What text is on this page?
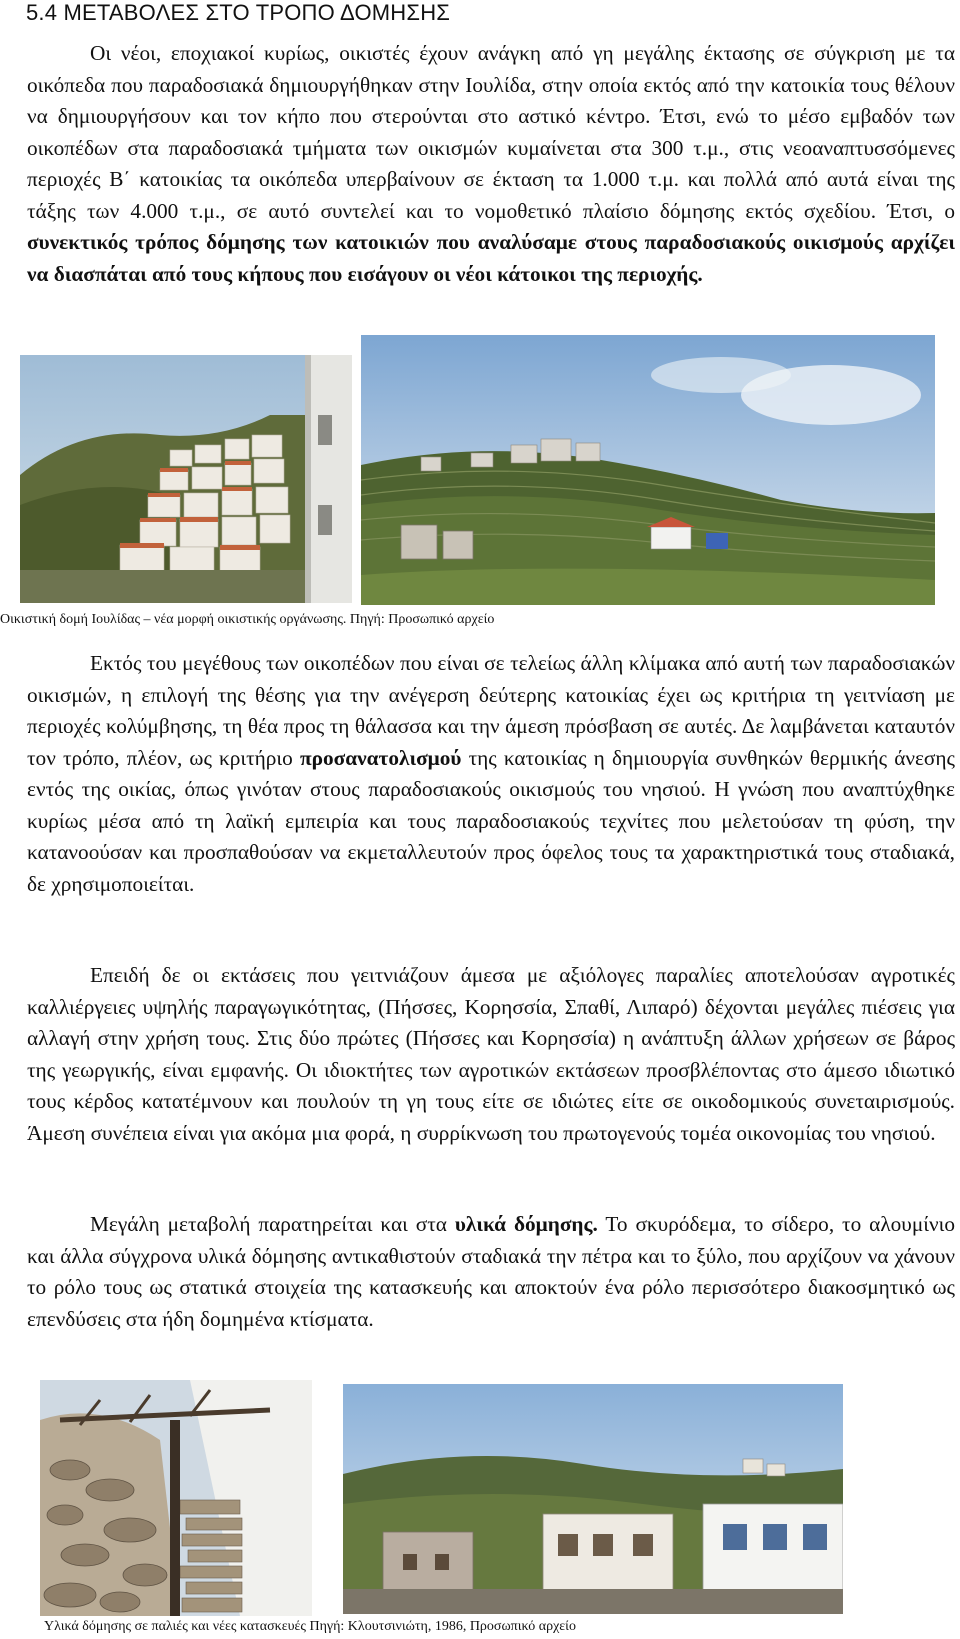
5.4 ΜΕΤΑΒΟΛΕΣ ΣΤΟ ΤΡΟΠΟ ΔΟΜΗΣΗΣ

Οι νέοι, εποχιακοί κυρίως, οικιστές έχουν ανάγκη από γη μεγάλης έκτασης σε σύγκριση με τα οικόπεδα που παραδοσιακά δημιουργήθηκαν στην Ιουλίδα, στην οποία εκτός από την κατοικία τους θέλουν να δημιουργήσουν και τον κήπο που στερούνται στο αστικό κέντρο. Έτσι, ενώ το μέσο εμβαδόν των οικοπέδων στα παραδοσιακά τμήματα των οικισμών κυμαίνεται στα 300 τ.μ., στις νεοαναπτυσσόμενες περιοχές Β΄ κατοικίας τα οικόπεδα υπερβαίνουν σε έκταση τα 1.000 τ.μ. και πολλά από αυτά είναι της τάξης των 4.000 τ.μ., σε αυτό συντελεί και το νομοθετικό πλαίσιο δόμησης εκτός σχεδίου. Έτσι, ο συνεκτικός τρόπος δόμησης των κατοικιών που αναλύσαμε στους παραδοσιακούς οικισμούς αρχίζει να διασπάται από τους κήπους που εισάγουν οι νέοι κάτοικοι της περιοχής.

Οικιστική δομή Ιουλίδας – νέα μορφή οικιστικής οργάνωσης. Πηγή: Προσωπικό αρχείο

Εκτός του μεγέθους των οικοπέδων που είναι σε τελείως άλλη κλίμακα από αυτή των παραδοσιακών οικισμών, η επιλογή της θέσης για την ανέγερση δεύτερης κατοικίας έχει ως κριτήρια τη γειτνίαση με περιοχές κολύμβησης, τη θέα προς τη θάλασσα και την άμεση πρόσβαση σε αυτές. Δε λαμβάνεται καταυτόν τον τρόπο, πλέον, ως κριτήριο προσανατολισμού της κατοικίας η δημιουργία συνθηκών θερμικής άνεσης εντός της οικίας, όπως γινόταν στους παραδοσιακούς οικισμούς του νησιού. Η γνώση που αναπτύχθηκε κυρίως μέσα από τη λαϊκή εμπειρία και τους παραδοσιακούς τεχνίτες που μελετούσαν τη φύση, την κατανοούσαν και προσπαθούσαν να εκμεταλλευτούν προς όφελος τους τα χαρακτηριστικά τους σταδιακά, δε χρησιμοποιείται.

Επειδή δε οι εκτάσεις που γειτνιάζουν άμεσα με αξιόλογες παραλίες αποτελούσαν αγροτικές καλλιέργειες υψηλής παραγωγικότητας, (Πήσσες, Κορησσία, Σπαθί, Λιπαρό) δέχονται μεγάλες πιέσεις για αλλαγή στην χρήση τους. Στις δύο πρώτες (Πήσσες και Κορησσία) η ανάπτυξη άλλων χρήσεων σε βάρος της γεωργικής, είναι εμφανής. Οι ιδιοκτήτες των αγροτικών εκτάσεων προσβλέποντας στο άμεσο ιδιωτικό τους κέρδος κατατέμνουν και πουλούν τη γη τους είτε σε ιδιώτες είτε σε οικοδομικούς συνεταιρισμούς. Άμεση συνέπεια είναι για ακόμα μια φορά, η συρρίκνωση του πρωτογενούς τομέα οικονομίας του νησιού.

Μεγάλη μεταβολή παρατηρείται και στα υλικά δόμησης. Το σκυρόδεμα, το σίδερο, το αλουμίνιο και άλλα σύγχρονα υλικά δόμησης αντικαθιστούν σταδιακά την πέτρα και το ξύλο, που αρχίζουν να χάνουν το ρόλο τους ως στατικά στοιχεία της κατασκευής και αποκτούν ένα ρόλο περισσότερο διακοσμητικό ως επενδύσεις στα ήδη δομημένα κτίσματα.

Υλικά δόμησης σε παλιές και νέες κατασκευές Πηγή: Κλουτσινιώτη, 1986, Προσωπικό αρχείο
